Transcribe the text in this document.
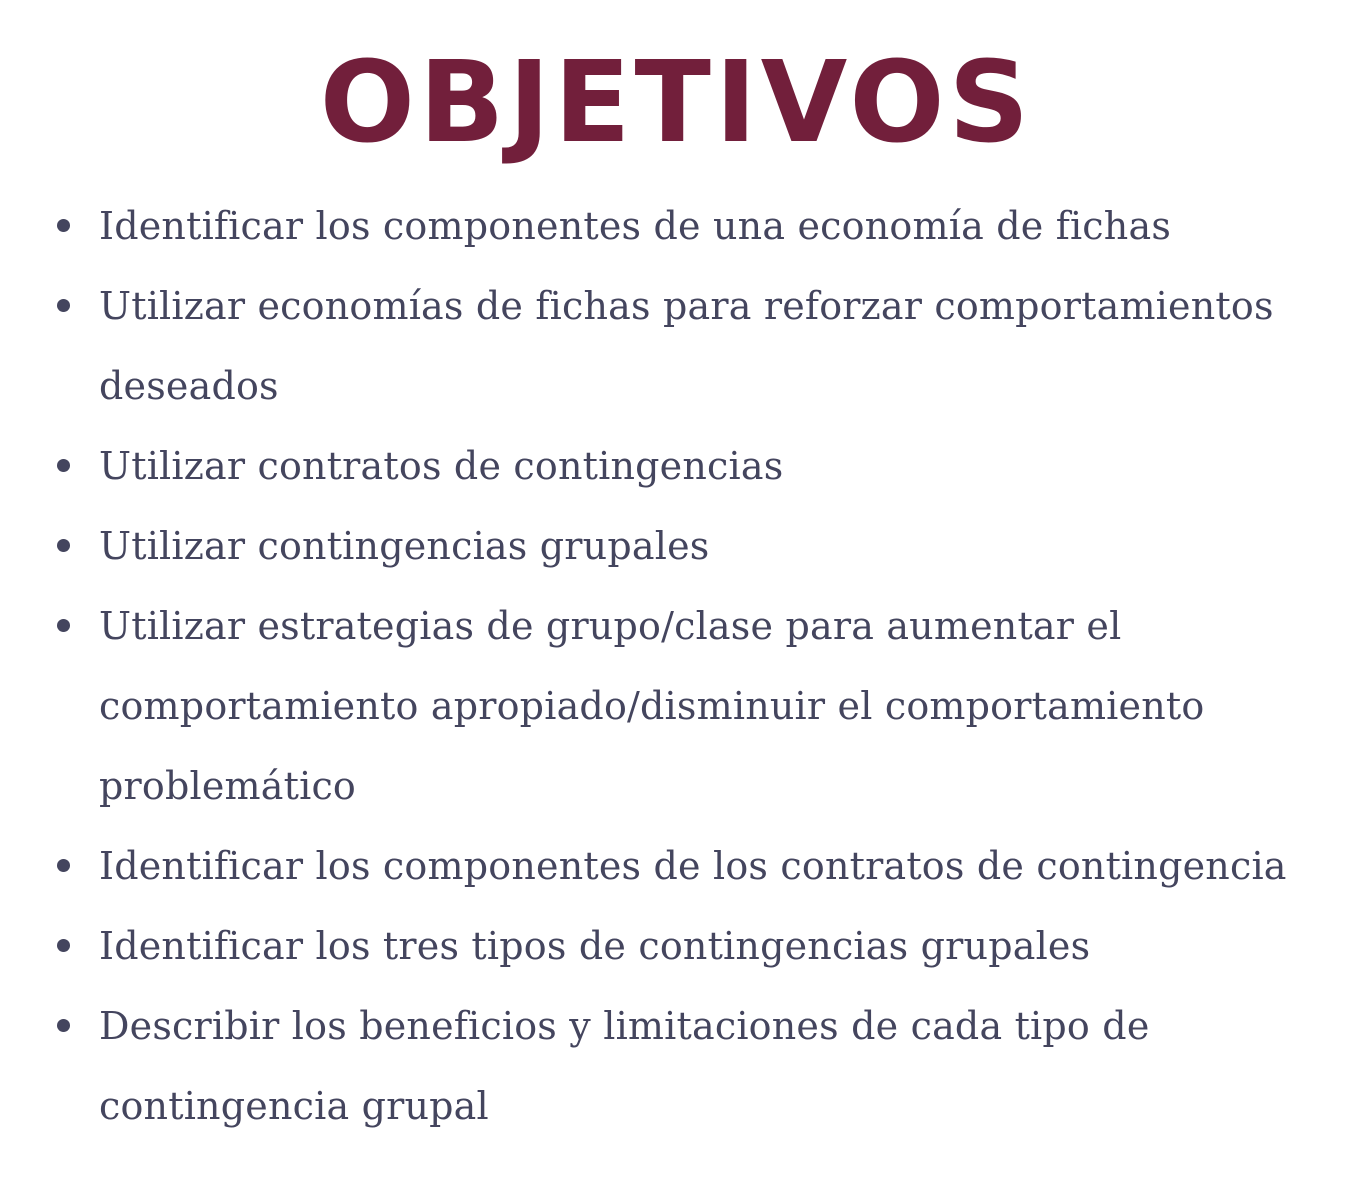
OBJETIVOS
Identificar los componentes de una economía de fichas
Utilizar economías de fichas para reforzar comportamientos deseados
Utilizar contratos de contingencias
Utilizar contingencias grupales
Utilizar estrategias de grupo/clase para aumentar el comportamiento apropiado/disminuir el comportamiento problemático
Identificar los componentes de los contratos de contingencia
Identificar los tres tipos de contingencias grupales
Describir los beneficios y limitaciones de cada tipo de contingencia grupal
